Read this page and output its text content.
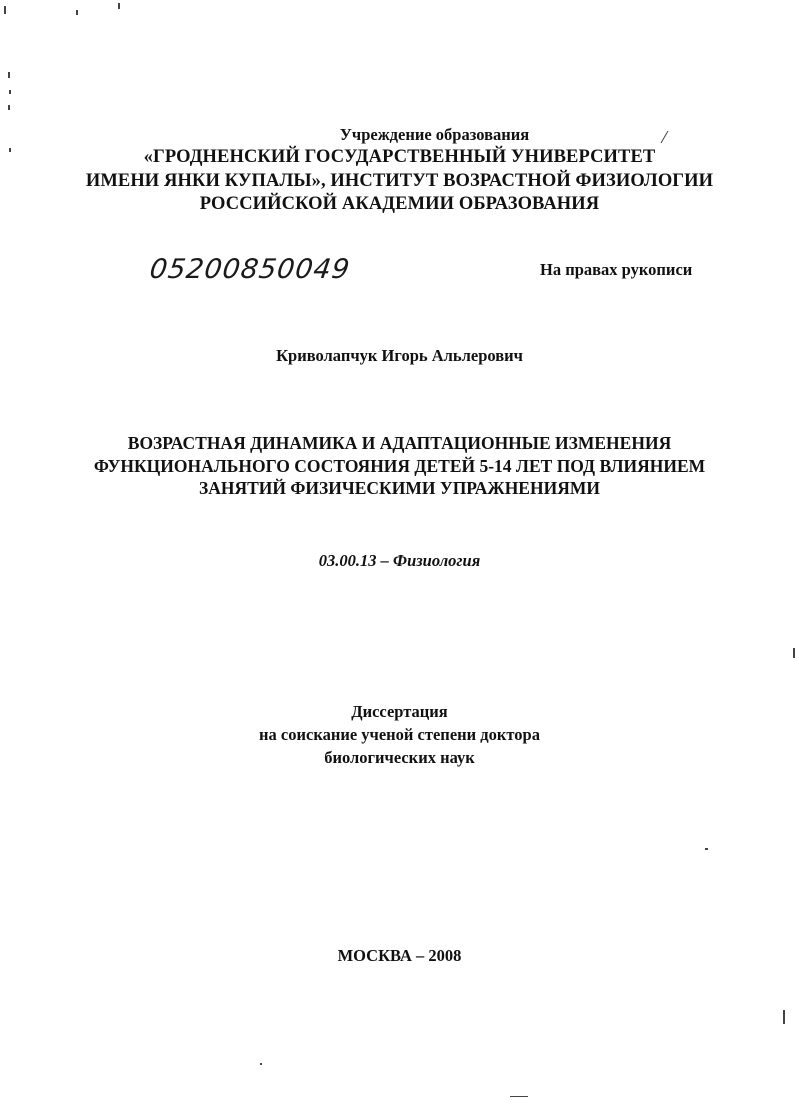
Учреждение образования
«ГРОДНЕНСКИЙ ГОСУДАРСТВЕННЫЙ УНИВЕРСИТЕТ
ИМЕНИ ЯНКИ КУПАЛЫ», ИНСТИТУТ ВОЗРАСТНОЙ ФИЗИОЛОГИИ
РОССИЙСКОЙ АКАДЕМИИ ОБРАЗОВАНИЯ
05200850049	На правах рукописи
Криволапчук Игорь Альлерович
ВОЗРАСТНАЯ ДИНАМИКА И АДАПТАЦИОННЫЕ ИЗМЕНЕНИЯ
ФУНКЦИОНАЛЬНОГО СОСТОЯНИЯ ДЕТЕЙ 5-14 ЛЕТ ПОД ВЛИЯНИЕМ
ЗАНЯТИЙ ФИЗИЧЕСКИМИ УПРАЖНЕНИЯМИ
03.00.13 – Физиология
Диссертация
на соискание ученой степени доктора
биологических наук
МОСКВА – 2008
